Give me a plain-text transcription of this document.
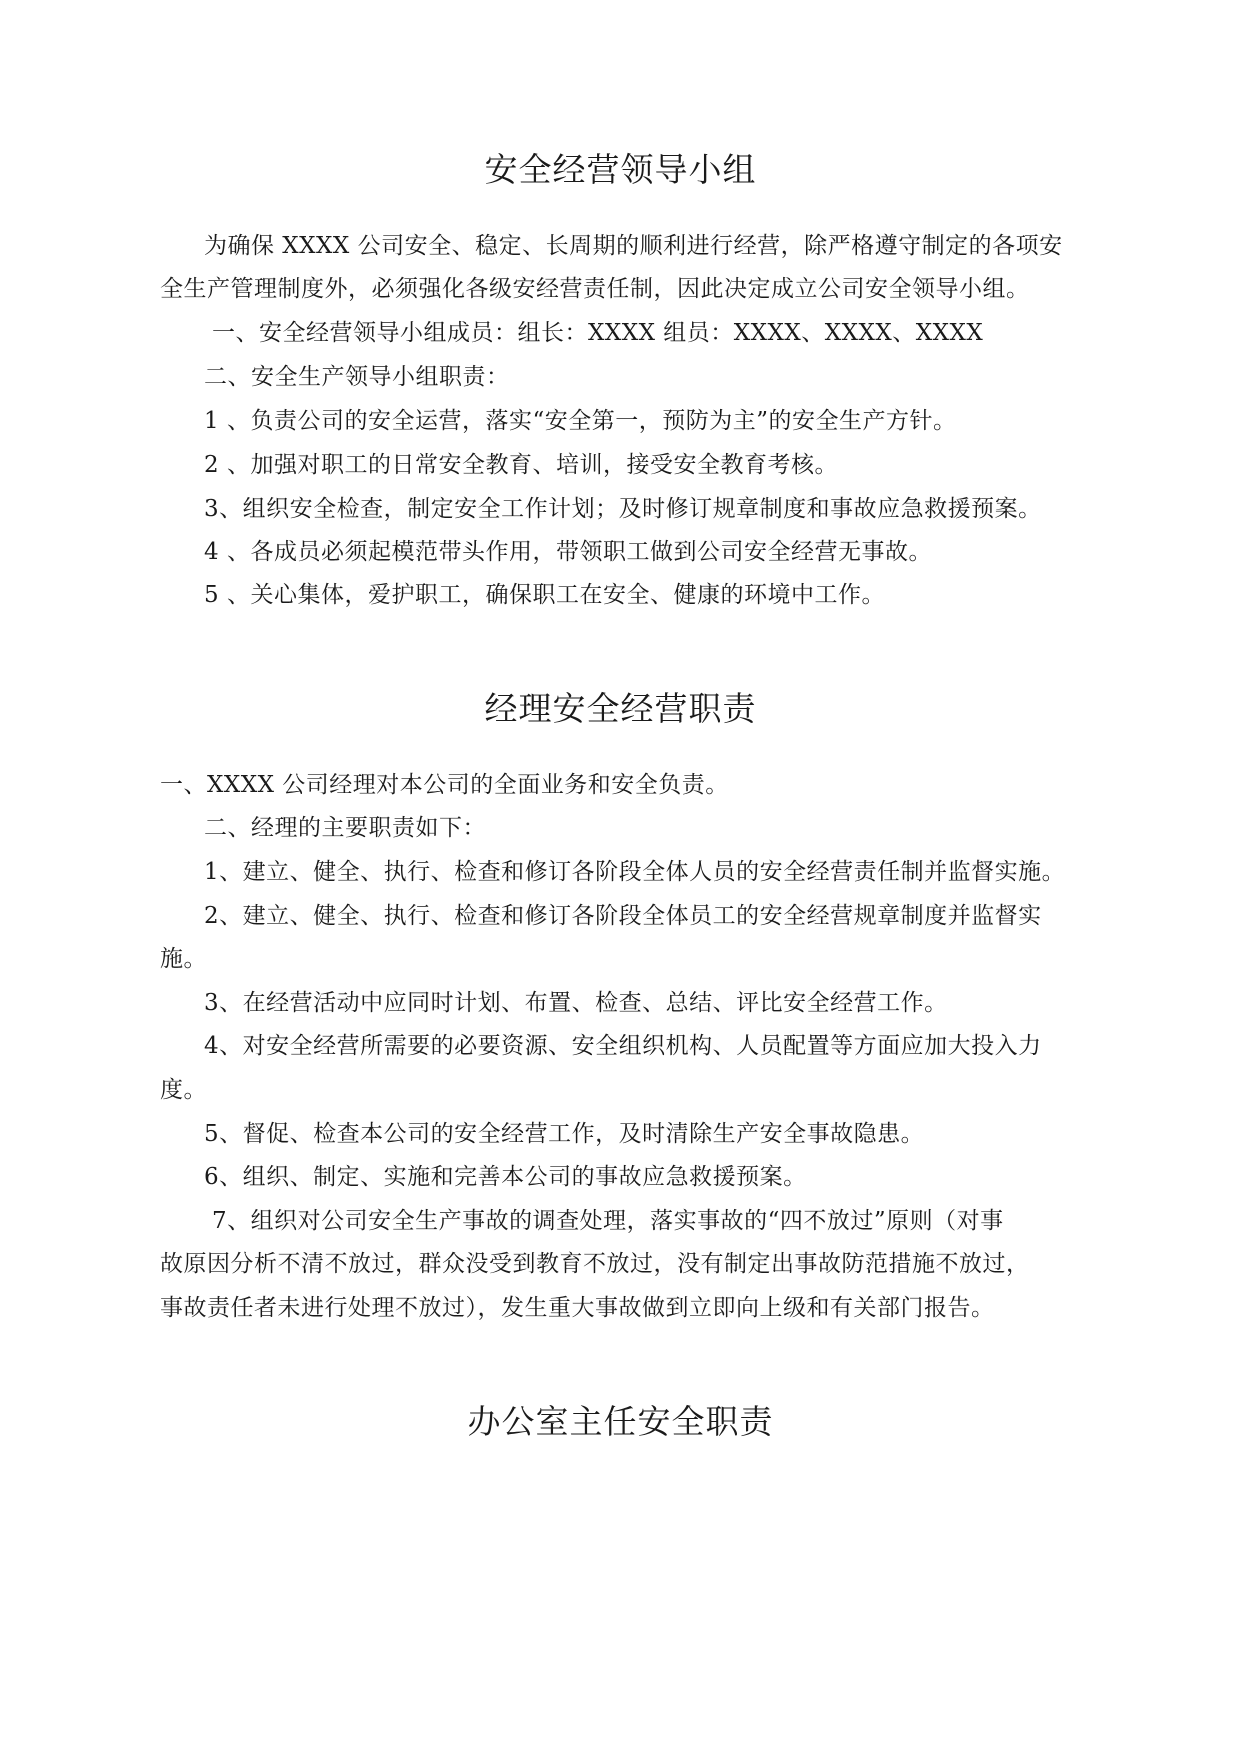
安全经营领导小组
为确保 XXXX 公司安全、稳定、长周期的顺利进行经营，除严格遵守制定的各项安
全生产管理制度外，必须强化各级安经营责任制，因此决定成立公司安全领导小组。
一、安全经营领导小组成员：组长：XXXX 组员：XXXX、XXXX、XXXX
二、安全生产领导小组职责：
1 、负责公司的安全运营，落实“安全第一，预防为主”的安全生产方针。
2 、加强对职工的日常安全教育、培训，接受安全教育考核。
3、组织安全检查，制定安全工作计划；及时修订规章制度和事故应急救援预案。
4 、各成员必须起模范带头作用，带领职工做到公司安全经营无事故。
5 、关心集体，爱护职工，确保职工在安全、健康的环境中工作。
经理安全经营职责
一、XXXX 公司经理对本公司的全面业务和安全负责。
二、经理的主要职责如下：
1、建立、健全、执行、检查和修订各阶段全体人员的安全经营责任制并监督实施。
2、建立、健全、执行、检查和修订各阶段全体员工的安全经营规章制度并监督实
施。
3、在经营活动中应同时计划、布置、检查、总结、评比安全经营工作。
4、对安全经营所需要的必要资源、安全组织机构、人员配置等方面应加大投入力
度。
5、督促、检查本公司的安全经营工作，及时清除生产安全事故隐患。
6、组织、制定、实施和完善本公司的事故应急救援预案。
7、组织对公司安全生产事故的调查处理，落实事故的“四不放过”原则（对事
故原因分析不清不放过，群众没受到教育不放过，没有制定出事故防范措施不放过，
事故责任者未进行处理不放过），发生重大事故做到立即向上级和有关部门报告。
办公室主任安全职责
